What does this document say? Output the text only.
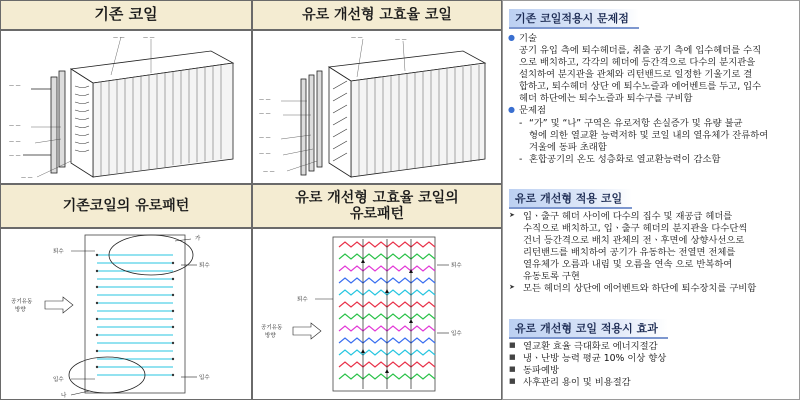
기존 코일
— —	— —
— —
— —
— —
— —
— —
유로 개선형 고효율 코일
— —	— —
— —
— —
— —
— —
— —
기존코일의 유로패턴
가
나
퇴수
퇴수
입수	입수
공기유동
방향
유로 개선형 고효율 코일의
유로패턴
퇴수
입수
퇴수
공기유동
방향
기존 코일적용시 문제점
● 기술
공기 유입 측에 퇴수헤더를, 취출 공기 측에 입수헤더를 수직
으로 배치하고, 각각의 헤더에 등간격으로 다수의 분지관을
설치하여 분지관을 관체와 리턴밴드로 일정한 기울기로 결
합하고, 퇴수헤더 상단 에 퇴수노즐과 에어벤트를 두고, 입수
헤더 하단에는 퇴수노즐과 퇴수구를 구비함
● 문제점
- “가” 및 “나” 구역은 유로저항 손실증가 및 유량 불균
형에 의한 열교환 능력저하 및 코일 내의 열유체가 잔류하여
겨울에 동파 초래함
- 혼합공기의 온도 성층화로 열교환능력이 감소함
유로 개선형 적용 코일
➤ 입ㆍ출구 헤더 사이에 다수의 집수 및 재공급 헤더를
수직으로 배치하고, 입ㆍ출구 헤더의 분지관을 다수단씩
건너 등간격으로 배치 관체의 전ㆍ후면에 상향사선으로
리턴밴드를 배치하여 공기가 유동하는 전열면 전체를
열유체가 오름과 내림 및 오름을 연속 으로 반복하여
유동토록 구현
➤ 모든 헤더의 상단에 에어벤트와 하단에 퇴수장치를 구비함
유로 개선형 코일 적용시 효과
■ 열교환 효율 극대화로 에너지절감
■ 냉ㆍ난방 능력 평균 10% 이상 향상
■ 동파예방
■ 사후관리 용이 및 비용절감
